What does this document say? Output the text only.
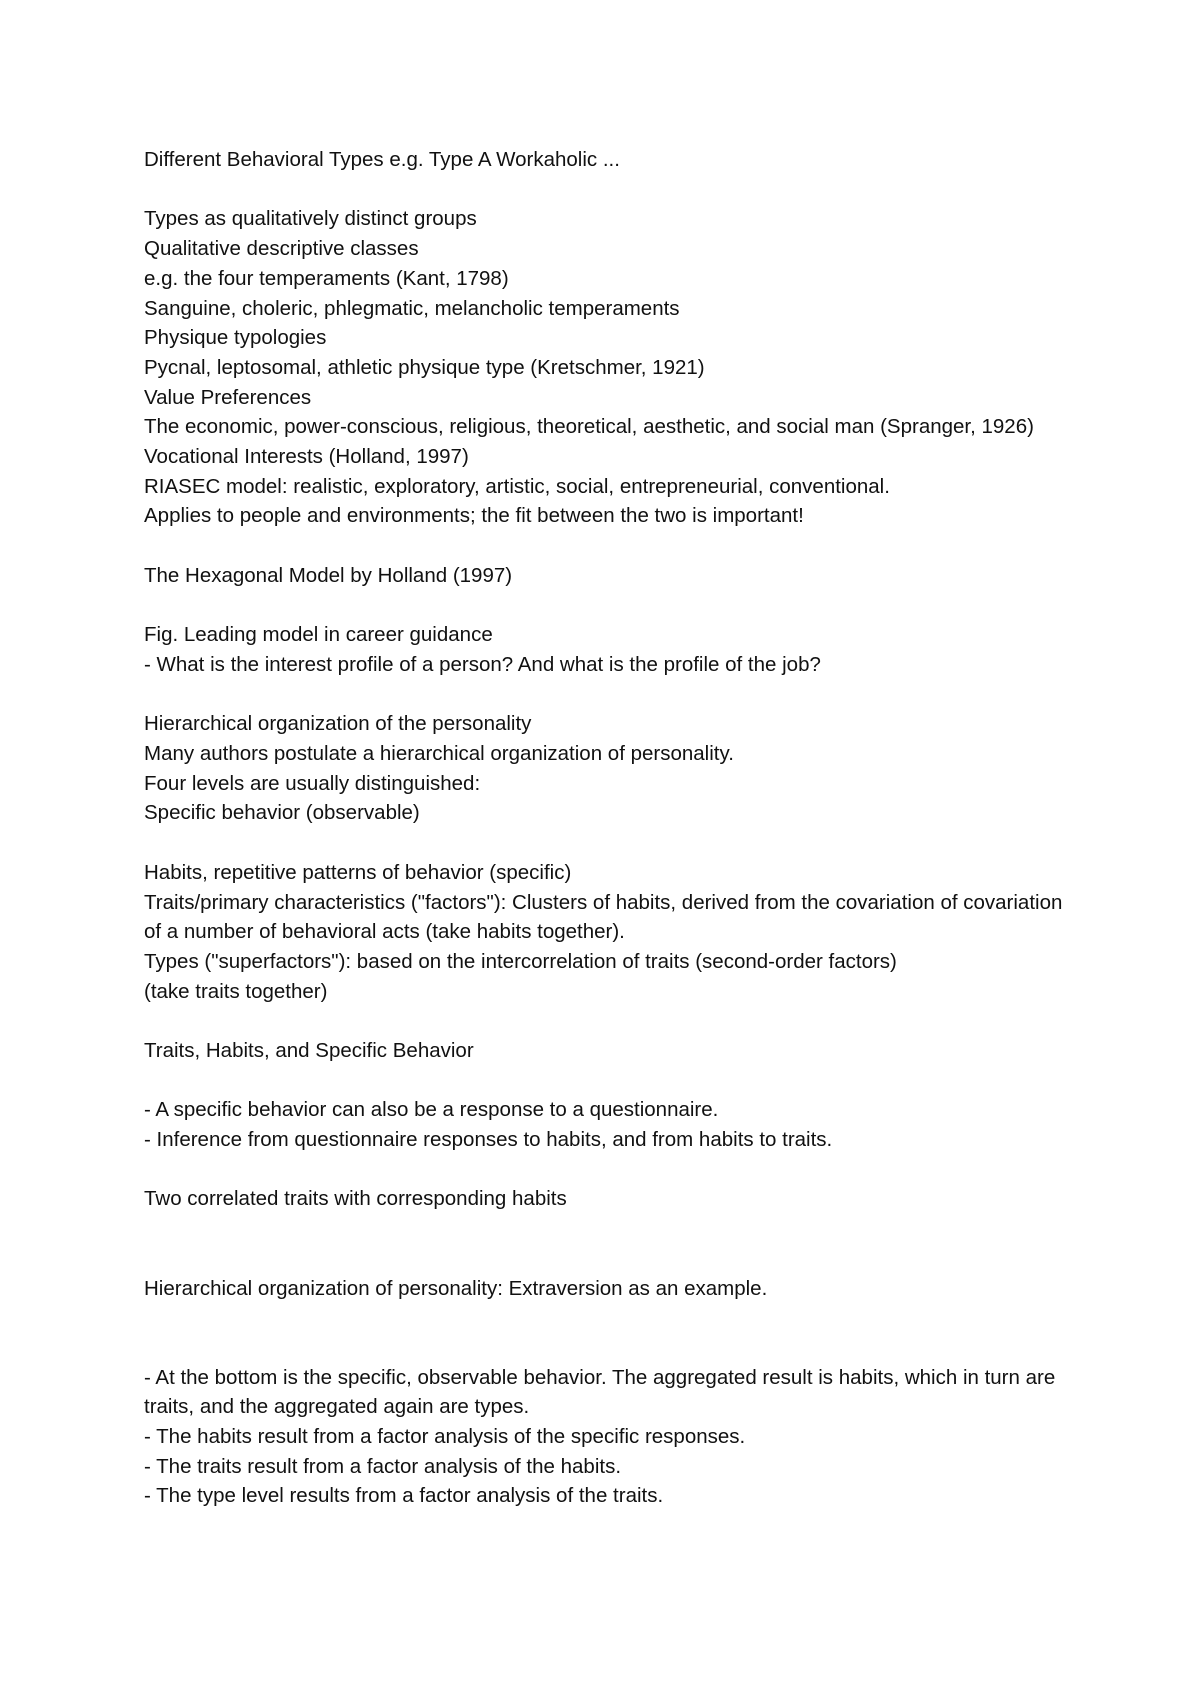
Different Behavioral Types e.g. Type A Workaholic ...
Types as qualitatively distinct groups
Qualitative descriptive classes
e.g. the four temperaments (Kant, 1798)
Sanguine, choleric, phlegmatic, melancholic temperaments
Physique typologies
Pycnal, leptosomal, athletic physique type (Kretschmer, 1921)
Value Preferences
The economic, power-conscious, religious, theoretical, aesthetic, and social man (Spranger, 1926)
Vocational Interests (Holland, 1997)
RIASEC model: realistic, exploratory, artistic, social, entrepreneurial, conventional.
Applies to people and environments; the fit between the two is important!
The Hexagonal Model by Holland (1997)
Fig. Leading model in career guidance
- What is the interest profile of a person? And what is the profile of the job?
Hierarchical organization of the personality
Many authors postulate a hierarchical organization of personality.
Four levels are usually distinguished:
Specific behavior (observable)
Habits, repetitive patterns of behavior (specific)
Traits/primary characteristics ("factors"): Clusters of habits, derived from the covariation of covariation of a number of behavioral acts (take habits together).
Types ("superfactors"): based on the intercorrelation of traits (second-order factors)
(take traits together)
Traits, Habits, and Specific Behavior
- A specific behavior can also be a response to a questionnaire.
- Inference from questionnaire responses to habits, and from habits to traits.
Two correlated traits with corresponding habits
Hierarchical organization of personality: Extraversion as an example.
- At the bottom is the specific, observable behavior. The aggregated result is habits, which in turn are traits, and the aggregated again are types.
- The habits result from a factor analysis of the specific responses.
- The traits result from a factor analysis of the habits.
- The type level results from a factor analysis of the traits.
